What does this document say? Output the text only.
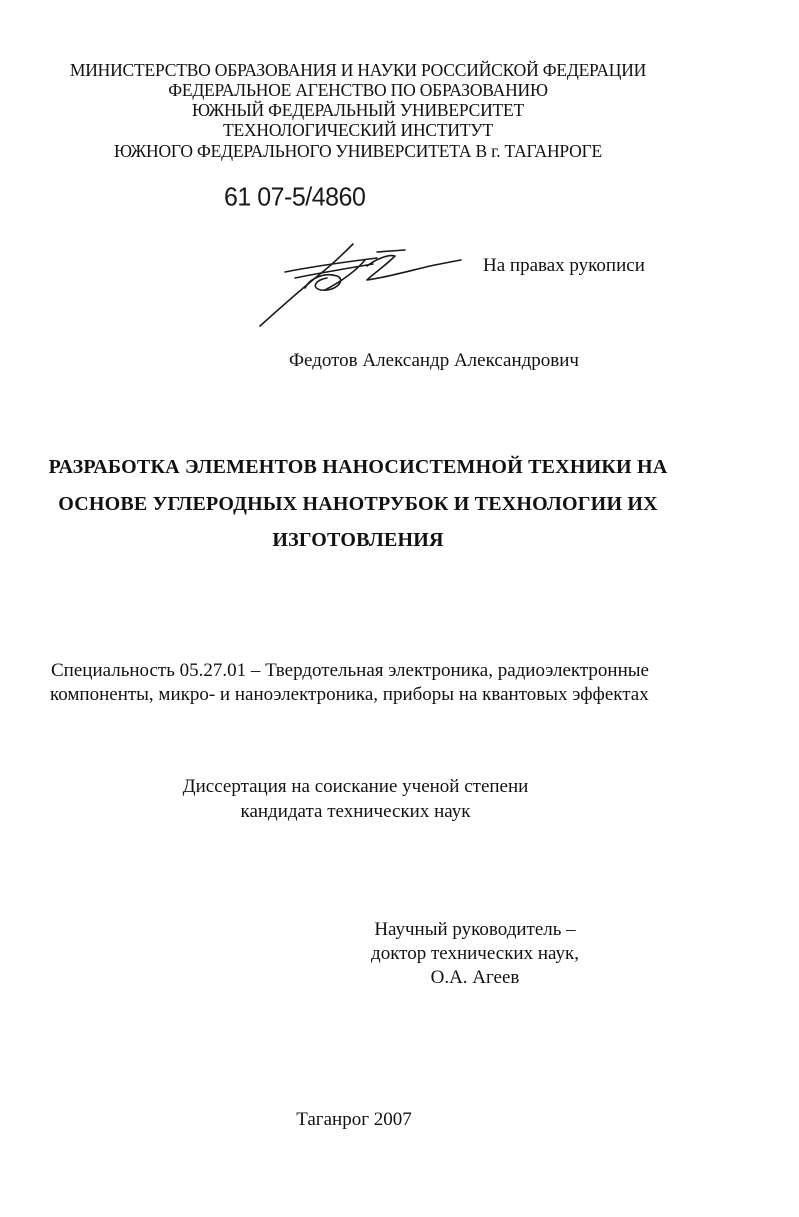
МИНИСТЕРСТВО ОБРАЗОВАНИЯ И НАУКИ РОССИЙСКОЙ ФЕДЕРАЦИИ
ФЕДЕРАЛЬНОЕ АГЕНСТВО ПО ОБРАЗОВАНИЮ
ЮЖНЫЙ ФЕДЕРАЛЬНЫЙ УНИВЕРСИТЕТ
ТЕХНОЛОГИЧЕСКИЙ ИНСТИТУТ
ЮЖНОГО ФЕДЕРАЛЬНОГО УНИВЕРСИТЕТА В г. ТАГАНРОГЕ
61 07-5/4860
На правах рукописи
Федотов Александр Александрович
РАЗРАБОТКА ЭЛЕМЕНТОВ НАНОСИСТЕМНОЙ ТЕХНИКИ НА
ОСНОВЕ УГЛЕРОДНЫХ НАНОТРУБОК И ТЕХНОЛОГИИ ИХ
ИЗГОТОВЛЕНИЯ
Специальность 05.27.01 – Твердотельная электроника, радиоэлектронные
компоненты, микро- и наноэлектроника, приборы на квантовых эффектах
Диссертация на соискание ученой степени
кандидата технических наук
Научный руководитель –
доктор технических наук,
О.А. Агеев
Таганрог 2007
